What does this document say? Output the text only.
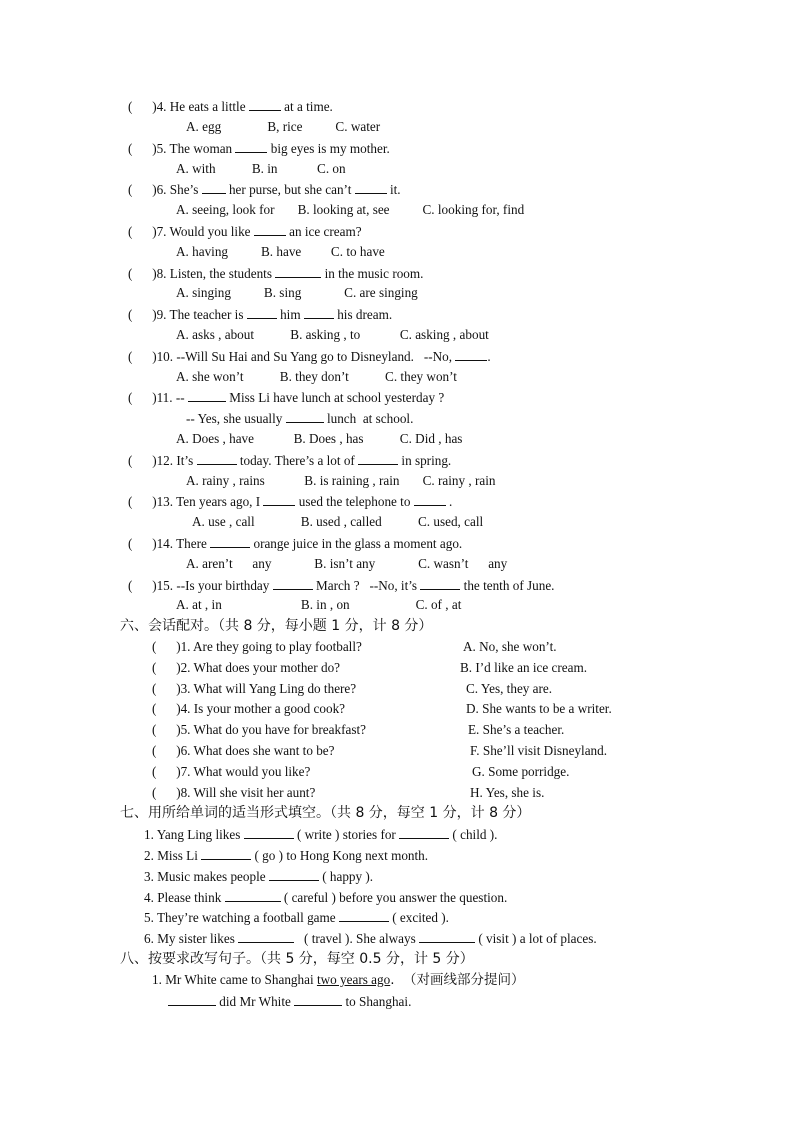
(      )4. He eats a little	at a time.
A. egg              B, rice          C. water
(      )5. The woman	big eyes is my mother.
A. with           B. in            C. on
(      )6. She’s  her purse, but she can’t	it.
A. seeing, look for       B. looking at, see          C. looking for, find
(      )7. Would you like	an ice cream?
A. having          B. have         C. to have
(      )8. Listen, the students	in the music room.
A. singing          B. sing             C. are singing
(      )9. The teacher is	him	his dream.
A. asks , about           B. asking , to            C. asking , about
(      )10. --Will Su Hai and Su Yang go to Disneyland.   --No,	.
A. she won’t           B. they don’t           C. they won’t
(      )11. --	Miss Li have lunch at school yesterday ?
-- Yes, she usually	lunch  at school.
A. Does , have            B. Does , has           C. Did , has
(      )12. It’s	today. There’s a lot of	in spring.
A. rainy , rains            B. is raining , rain       C. rainy , rain
(      )13. Ten years ago, I	used the telephone to	.
A. use , call              B. used , called           C. used, call
(      )14. There	orange juice in the glass a moment ago.
A. aren’t      any             B. isn’t any             C. wasn’t      any
(      )15. --Is your birthday	March ?   --No, it’s	the tenth of June.
A. at , in                        B. in , on                    C. of , at
六、会话配对。（共 8 分，每小题 1 分，计 8 分）
(      )1. Are they going to play football?	A. No, she won’t.
(      )2. What does your mother do?	B. I’d like an ice cream.
(      )3. What will Yang Ling do there?	C. Yes, they are.
(      )4. Is your mother a good cook?	D. She wants to be a writer.
(      )5. What do you have for breakfast?	E. She’s a teacher.
(      )6. What does she want to be?	F. She’ll visit Disneyland.
(      )7. What would you like?	G. Some porridge.
(      )8. Will she visit her aunt?	H. Yes, she is.
七、用所给单词的适当形式填空。（共 8 分，每空 1 分，计 8 分）
1. Yang Ling likes	( write ) stories for	( child ).
2. Miss Li	( go ) to Hong Kong next month.
3. Music makes people	( happy ).
4. Please think	( careful ) before you answer the question.
5. They’re watching a football game	( excited ).
6. My sister likes	( travel ). She always	( visit ) a lot of places.
八、按要求改写句子。（共 5 分，每空 0.5 分，计 5 分）
1. Mr White came to Shanghai two years ago.  （对画线部分提问）
did Mr White	to Shanghai.
